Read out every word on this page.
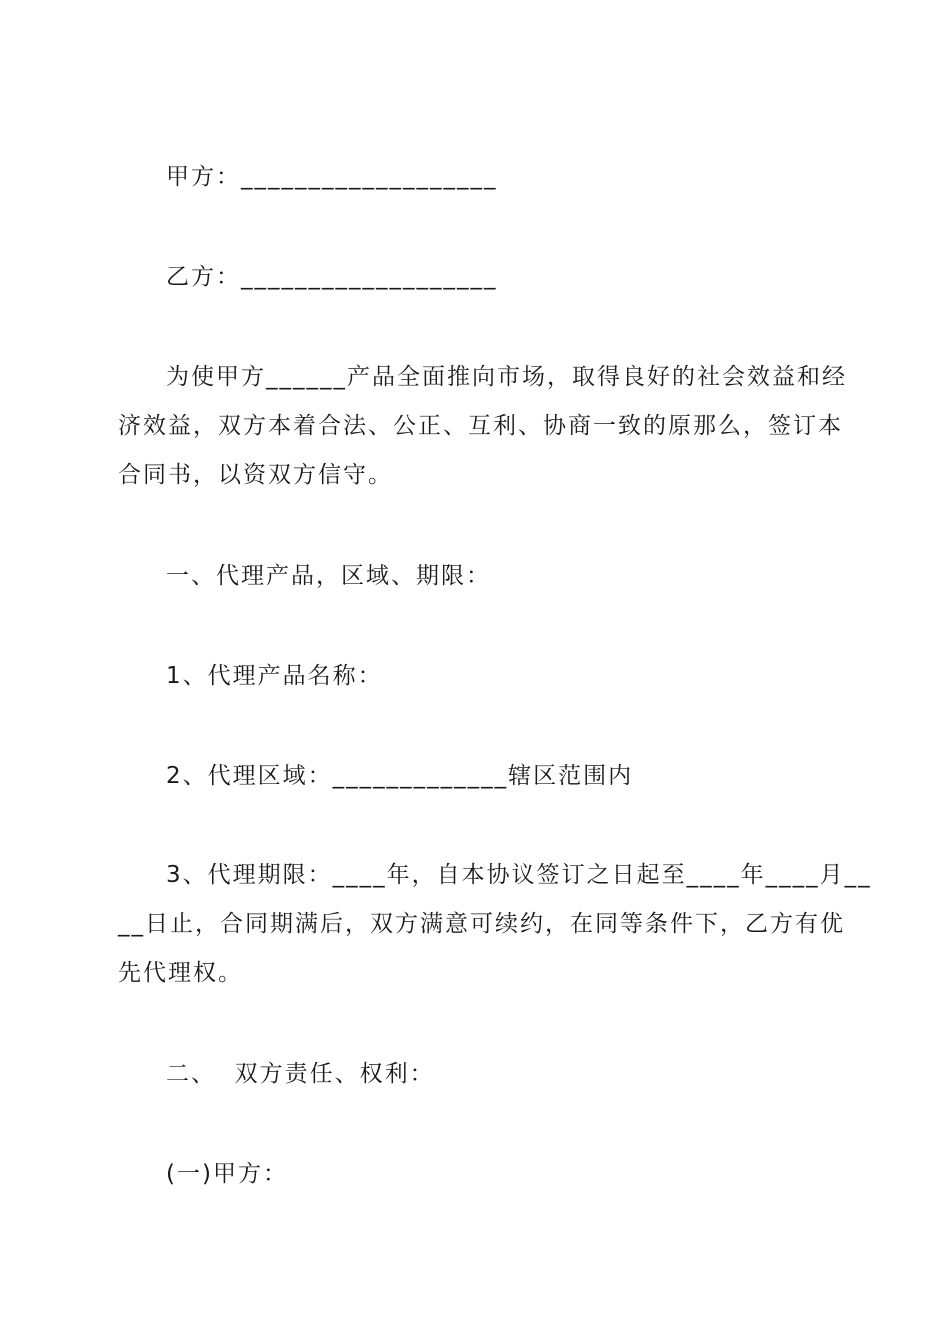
甲方：___________________
乙方：___________________
为使甲方______产品全面推向市场，取得良好的社会效益和经
济效益，双方本着合法、公正、互利、协商一致的原那么，签订本
合同书，以资双方信守。
一、代理产品，区域、期限：
1、代理产品名称：
2、代理区域：_____________辖区范围内
3、代理期限：____年，自本协议签订之日起至____年____月__
__日止，合同期满后，双方满意可续约，在同等条件下，乙方有优
先代理权。
二、  双方责任、权利：
(一)甲方：
